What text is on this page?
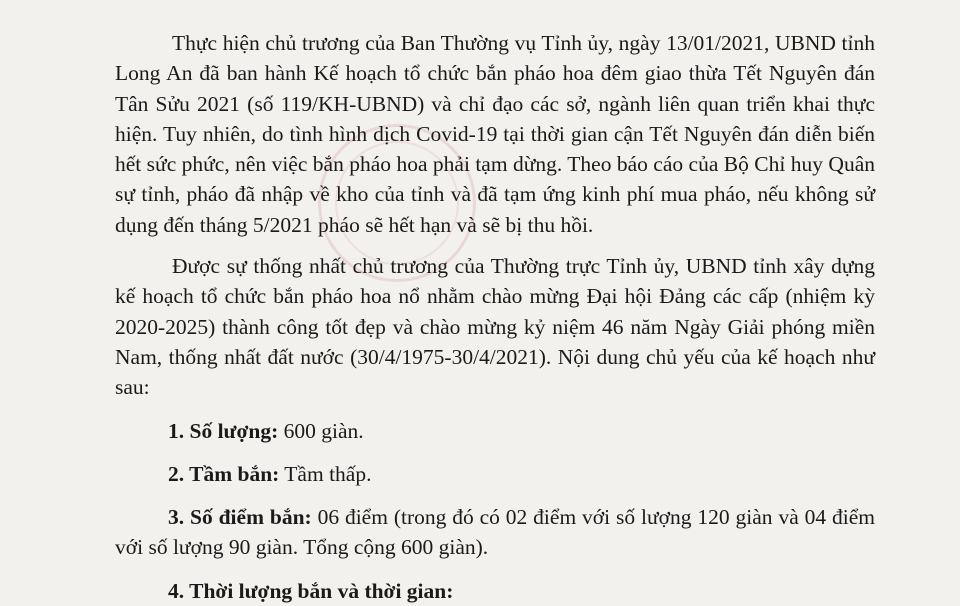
Thực hiện chủ trương của Ban Thường vụ Tỉnh ủy, ngày 13/01/2021, UBND tỉnh Long An đã ban hành Kế hoạch tổ chức bắn pháo hoa đêm giao thừa Tết Nguyên đán Tân Sửu 2021 (số 119/KH-UBND) và chỉ đạo các sở, ngành liên quan triển khai thực hiện. Tuy nhiên, do tình hình dịch Covid-19 tại thời gian cận Tết Nguyên đán diễn biến hết sức phức, nên việc bắn pháo hoa phải tạm dừng. Theo báo cáo của Bộ Chỉ huy Quân sự tỉnh, pháo đã nhập về kho của tỉnh và đã tạm ứng kinh phí mua pháo, nếu không sử dụng đến tháng 5/2021 pháo sẽ hết hạn và sẽ bị thu hồi.

Được sự thống nhất chủ trương của Thường trực Tỉnh ủy, UBND tỉnh xây dựng kế hoạch tổ chức bắn pháo hoa nổ nhằm chào mừng Đại hội Đảng các cấp (nhiệm kỳ 2020-2025) thành công tốt đẹp và chào mừng kỷ niệm 46 năm Ngày Giải phóng miền Nam, thống nhất đất nước (30/4/1975-30/4/2021). Nội dung chủ yếu của kế hoạch như sau:

1. Số lượng: 600 giàn.

2. Tầm bắn: Tầm thấp.

3. Số điểm bắn: 06 điểm (trong đó có 02 điểm với số lượng 120 giàn và 04 điểm với số lượng 90 giàn. Tổng cộng 600 giàn).

4. Thời lượng bắn và thời gian:
